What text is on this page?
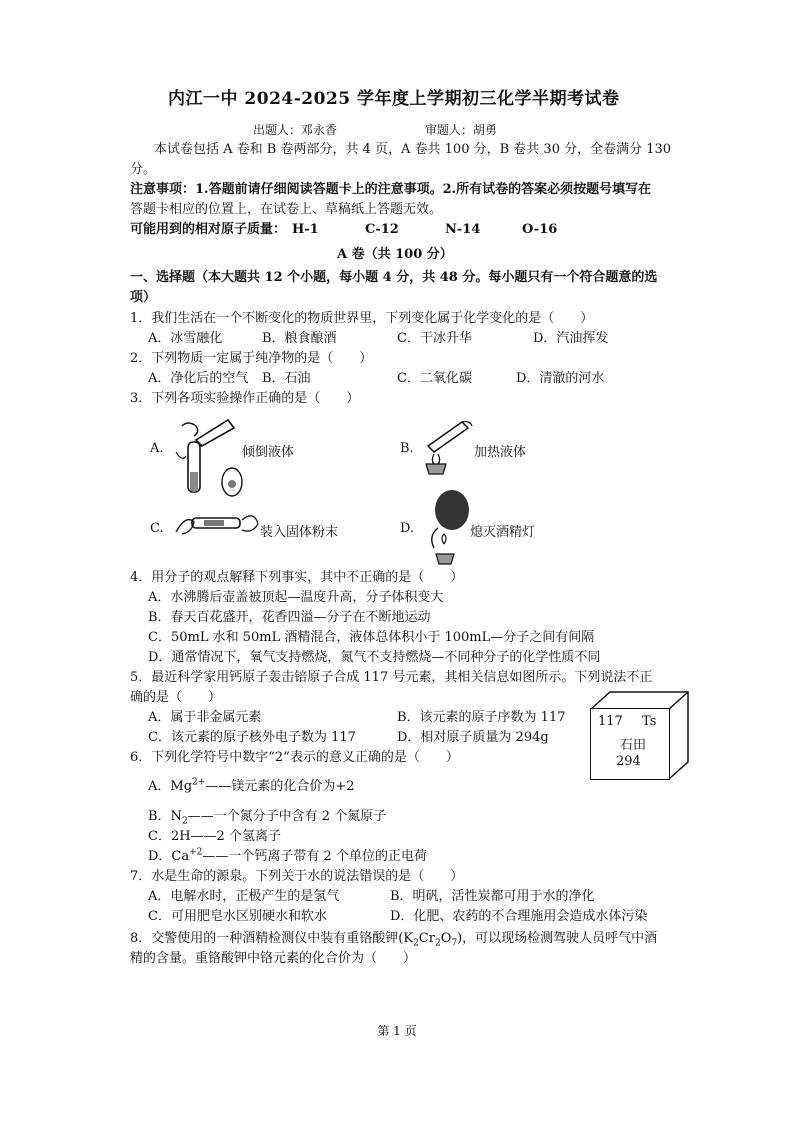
内江一中 2024-2025 学年度上学期初三化学半期考试卷
出题人：邓永香	审题人：胡勇
本试卷包括 A 卷和 B 卷两部分，共 4 页，A 卷共 100 分，B 卷共 30 分，全卷满分 130
分。
注意事项：1.答题前请仔细阅读答题卡上的注意事项。2.所有试卷的答案必须按题号填写在
答题卡相应的位置上，在试卷上、草稿纸上答题无效。
可能用到的相对原子质量： H-1	C-12	N-14	O-16
A 卷（共 100 分）
一、选择题（本大题共 12 个小题，每小题 4 分，共 48 分。每小题只有一个符合题意的选
项）
1．我们生活在一个不断变化的物质世界里，下列变化属于化学变化的是（　　）
A．冰雪融化	B．粮食酿酒	C．干冰升华	D．汽油挥发
2．下列物质一定属于纯净物的是（　　）
A．净化后的空气 B．石油	C．二氧化碳	D．清澈的河水
3．下列各项实验操作正确的是（　　）
A.	倾倒液体	B.	加热液体
C.	装入固体粉末	D.	熄灭酒精灯
4．用分子的观点解释下列事实，其中不正确的是（　　）
A．水沸腾后壶盖被顶起—温度升高，分子体积变大
B．春天百花盛开，花香四溢—分子在不断地运动
C．50mL 水和 50mL 酒精混合，液体总体积小于 100mL—分子之间有间隔
D．通常情况下，氧气支持燃烧，氮气不支持燃烧—不同种分子的化学性质不同
5．最近科学家用钙原子轰击锫原子合成 117 号元素，其相关信息如图所示。下列说法不正
确的是（　　）
A．属于非金属元素	B．该元素的原子序数为 117
C．该元素的原子核外电子数为 117	D．相对原子质量为 294g
117 Ts
石田
294
6．下列化学符号中数字“2”表示的意义正确的是（　　）
A．$Mg^{2+}——$镁元素的化合价为+2
B．$N_2——$一个氮分子中含有 2 个氮原子
C．2H——2 个氢离子
D．$Ca^{+2}——$一个钙离子带有 2 个单位的正电荷
7．水是生命的源泉。下列关于水的说法错误的是（　　）
A．电解水时，正极产生的是氢气	B．明矾，活性炭都可用于水的净化
C．可用肥皂水区别硬水和软水	D．化肥、农药的不合理施用会造成水体污染
8．交警使用的一种酒精检测仪中装有重铬酸钾$(K_2Cr_2O_7)$，可以现场检测驾驶人员呼气中酒
精的含量。重铬酸钾中铬元素的化合价为（　　）
第 1 页
